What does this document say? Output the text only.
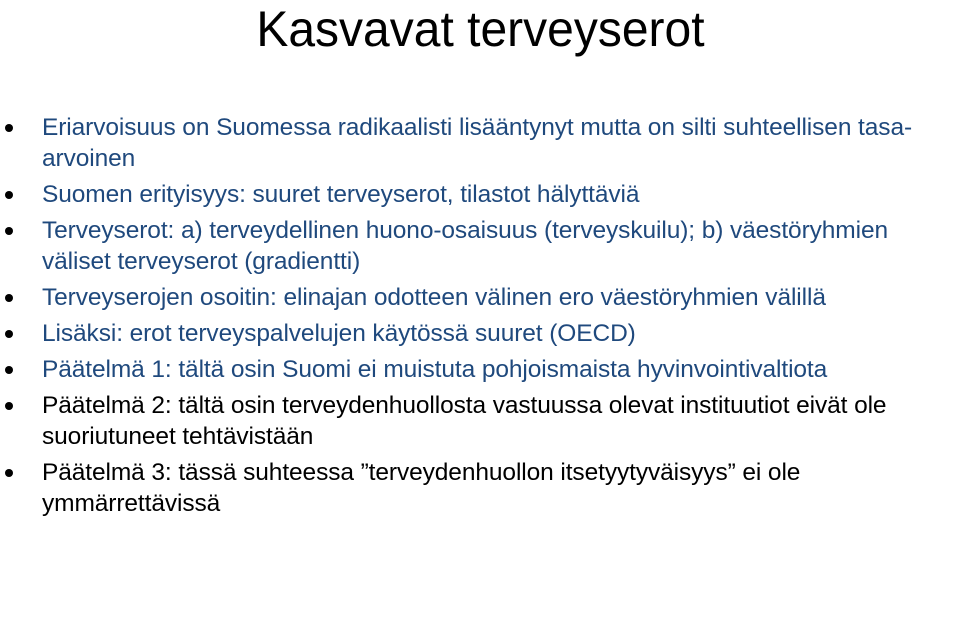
Kasvavat terveyserot
Eriarvoisuus on Suomessa radikaalisti lisääntynyt mutta on silti suhteellisen tasa-arvoinen
Suomen erityisyys: suuret terveyserot, tilastot hälyttäviä
Terveyserot: a) terveydellinen huono-osaisuus (terveyskuilu); b) väestöryhmien väliset terveyserot (gradientti)
Terveyserojen osoitin: elinajan odotteen välinen ero väestöryhmien välillä
Lisäksi: erot terveyspalvelujen käytössä suuret (OECD)
Päätelmä 1: tältä osin Suomi ei muistuta pohjoismaista hyvinvointivaltiota
Päätelmä 2: tältä osin terveydenhuollosta vastuussa olevat instituutiot eivät ole suoriutuneet tehtävistään
Päätelmä 3: tässä suhteessa ”terveydenhuollon itsetyytyväisyys” ei ole ymmärrettävissä
